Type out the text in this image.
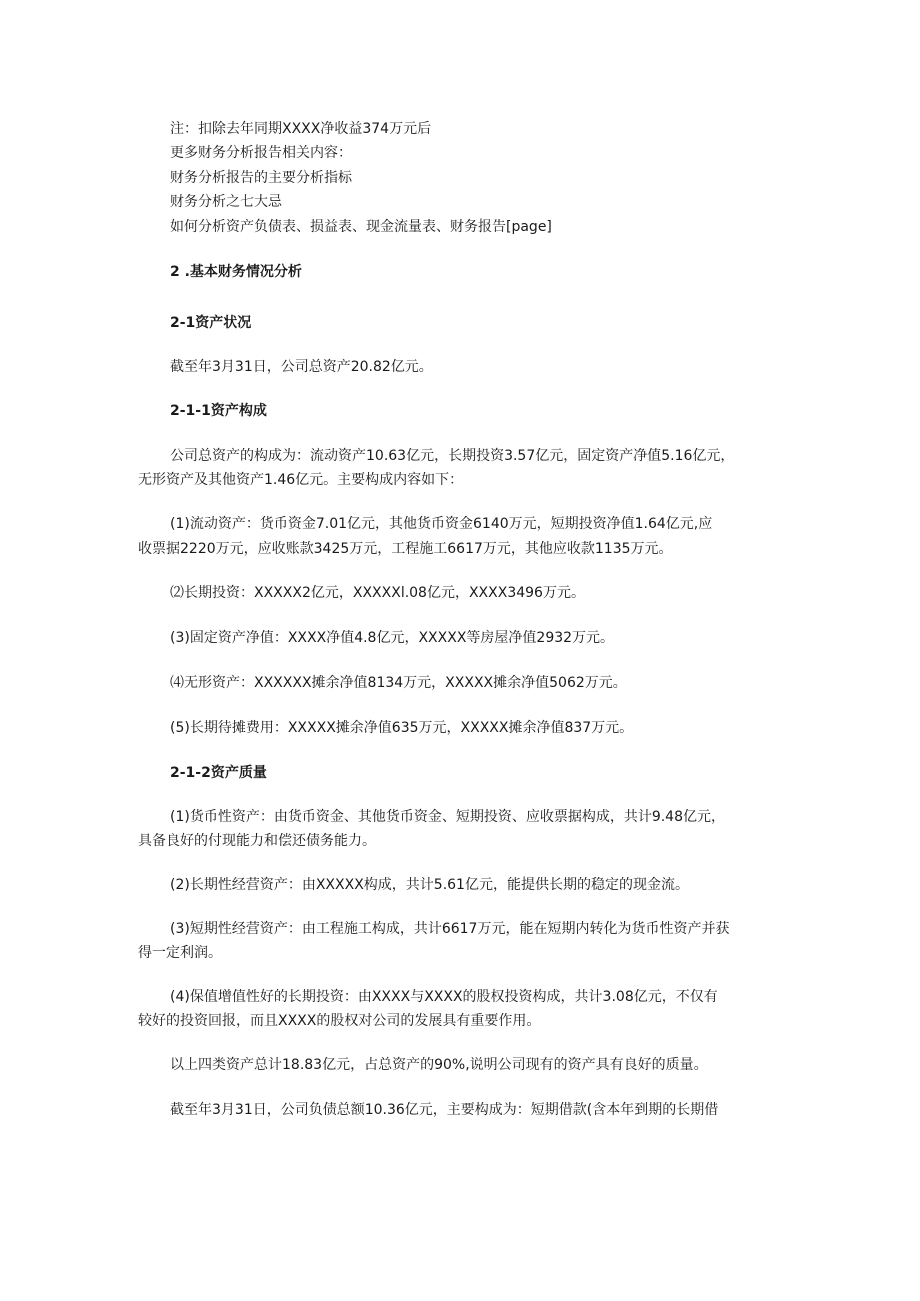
注：扣除去年同期XXXX净收益374万元后
更多财务分析报告相关内容：
财务分析报告的主要分析指标
财务分析之七大忌
如何分析资产负债表、损益表、现金流量表、财务报告[page]
2 .基本财务情况分析
2-1资产状况
截至年3月31日，公司总资产20.82亿元。
2-1-1资产构成
公司总资产的构成为：流动资产10.63亿元，长期投资3.57亿元，固定资产净值5.16亿元，
无形资产及其他资产1.46亿元。主要构成内容如下：
(1)流动资产：货币资金7.01亿元，其他货币资金6140万元，短期投资净值1.64亿元,应
收票据2220万元，应收账款3425万元，工程施工6617万元，其他应收款1135万元。
⑵长期投资：XXXXX2亿元，XXXXXl.08亿元，XXXX3496万元。
(3)固定资产净值：XXXX净值4.8亿元，XXXXX等房屋净值2932万元。
⑷无形资产：XXXXXX摊余净值8134万元，XXXXX摊余净值5062万元。
(5)长期待摊费用：XXXXX摊余净值635万元，XXXXX摊余净值837万元。
2-1-2资产质量
(1)货币性资产：由货币资金、其他货币资金、短期投资、应收票据构成，共计9.48亿元，
具备良好的付现能力和偿还债务能力。
(2)长期性经营资产：由XXXXX构成，共计5.61亿元，能提供长期的稳定的现金流。
(3)短期性经营资产：由工程施工构成，共计6617万元，能在短期内转化为货币性资产并获
得一定利润。
(4)保值增值性好的长期投资：由XXXX与XXXX的股权投资构成，共计3.08亿元，不仅有
较好的投资回报，而且XXXX的股权对公司的发展具有重要作用。
以上四类资产总计18.83亿元，占总资产的90%,说明公司现有的资产具有良好的质量。
截至年3月31日，公司负债总额10.36亿元，主要构成为：短期借款(含本年到期的长期借
